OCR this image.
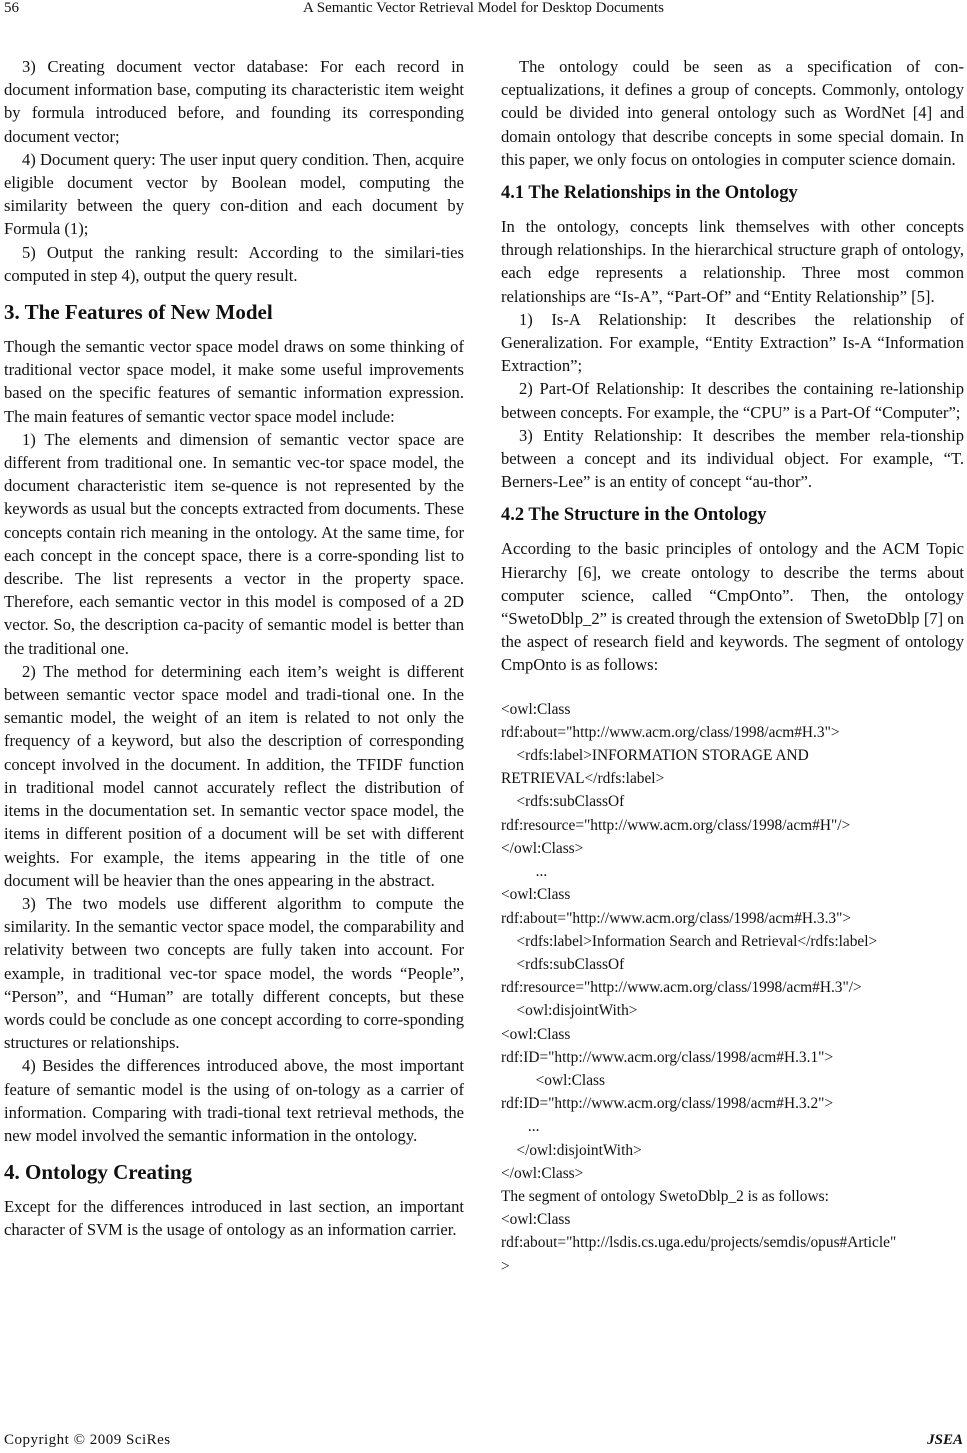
56	A Semantic Vector Retrieval Model for Desktop Documents

3) Creating document vector database: For each record in document information base, computing its characteristic item weight by formula introduced before, and founding its corresponding document vector;

4) Document query: The user input query condition. Then, acquire eligible document vector by Boolean model, computing the similarity between the query con-dition and each document by Formula (1);

5) Output the ranking result: According to the similari-ties computed in step 4), output the query result.

3. The Features of New Model

Though the semantic vector space model draws on some thinking of traditional vector space model, it make some useful improvements based on the specific features of semantic information expression. The main features of semantic vector space model include:

1) The elements and dimension of semantic vector space are different from traditional one. In semantic vec-tor space model, the document characteristic item se-quence is not represented by the keywords as usual but the concepts extracted from documents. These concepts contain rich meaning in the ontology. At the same time, for each concept in the concept space, there is a corre-sponding list to describe. The list represents a vector in the property space. Therefore, each semantic vector in this model is composed of a 2D vector. So, the description ca-pacity of semantic model is better than the traditional one.

2) The method for determining each item’s weight is different between semantic vector space model and tradi-tional one. In the semantic model, the weight of an item is related to not only the frequency of a keyword, but also the description of corresponding concept involved in the document. In addition, the TFIDF function in traditional model cannot accurately reflect the distribution of items in the documentation set. In semantic vector space model, the items in different position of a document will be set with different weights. For example, the items appearing in the title of one document will be heavier than the ones appearing in the abstract.

3) The two models use different algorithm to compute the similarity. In the semantic vector space model, the comparability and relativity between two concepts are fully taken into account. For example, in traditional vec-tor space model, the words “People”, “Person”, and “Human” are totally different concepts, but these words could be conclude as one concept according to corre-sponding structures or relationships.

4) Besides the differences introduced above, the most important feature of semantic model is the using of on-tology as a carrier of information. Comparing with tradi-tional text retrieval methods, the new model involved the semantic information in the ontology.

4. Ontology Creating

Except for the differences introduced in last section, an important character of SVM is the usage of ontology as an information carrier.

The ontology could be seen as a specification of con-ceptualizations, it defines a group of concepts. Commonly, ontology could be divided into general ontology such as WordNet [4] and domain ontology that describe concepts in some special domain. In this paper, we only focus on ontologies in computer science domain.

4.1 The Relationships in the Ontology

In the ontology, concepts link themselves with other concepts through relationships. In the hierarchical structure graph of ontology, each edge represents a relationship. Three most common relationships are “Is-A”, “Part-Of” and “Entity Relationship” [5].

1) Is-A Relationship: It describes the relationship of Generalization. For example, “Entity Extraction” Is-A “Information Extraction”;

2) Part-Of Relationship: It describes the containing re-lationship between concepts. For example, the “CPU” is a Part-Of “Computer”;

3) Entity Relationship: It describes the member rela-tionship between a concept and its individual object. For example, “T. Berners-Lee” is an entity of concept “au-thor”.

4.2 The Structure in the Ontology

According to the basic principles of ontology and the ACM Topic Hierarchy [6], we create ontology to describe the terms about computer science, called “CmpOnto”. Then, the ontology “SwetoDblp_2” is created through the extension of SwetoDblp [7] on the aspect of research field and keywords. The segment of ontology CmpOnto is as follows:

<owl:Class
rdf:about="http://www.acm.org/class/1998/acm#H.3">
<rdfs:label>INFORMATION STORAGE AND
RETRIEVAL</rdfs:label>
<rdfs:subClassOf
rdf:resource="http://www.acm.org/class/1998/acm#H"/>
</owl:Class>
...
<owl:Class
rdf:about="http://www.acm.org/class/1998/acm#H.3.3">
<rdfs:label>Information Search and Retrieval</rdfs:label>
<rdfs:subClassOf
rdf:resource="http://www.acm.org/class/1998/acm#H.3"/>
<owl:disjointWith>
<owl:Class
rdf:ID="http://www.acm.org/class/1998/acm#H.3.1">
<owl:Class
rdf:ID="http://www.acm.org/class/1998/acm#H.3.2">
...
</owl:disjointWith>
</owl:Class>
The segment of ontology SwetoDblp_2 is as follows:
<owl:Class
rdf:about="http://lsdis.cs.uga.edu/projects/semdis/opus#Article"
>
Copyright © 2009 SciRes	JSEA
